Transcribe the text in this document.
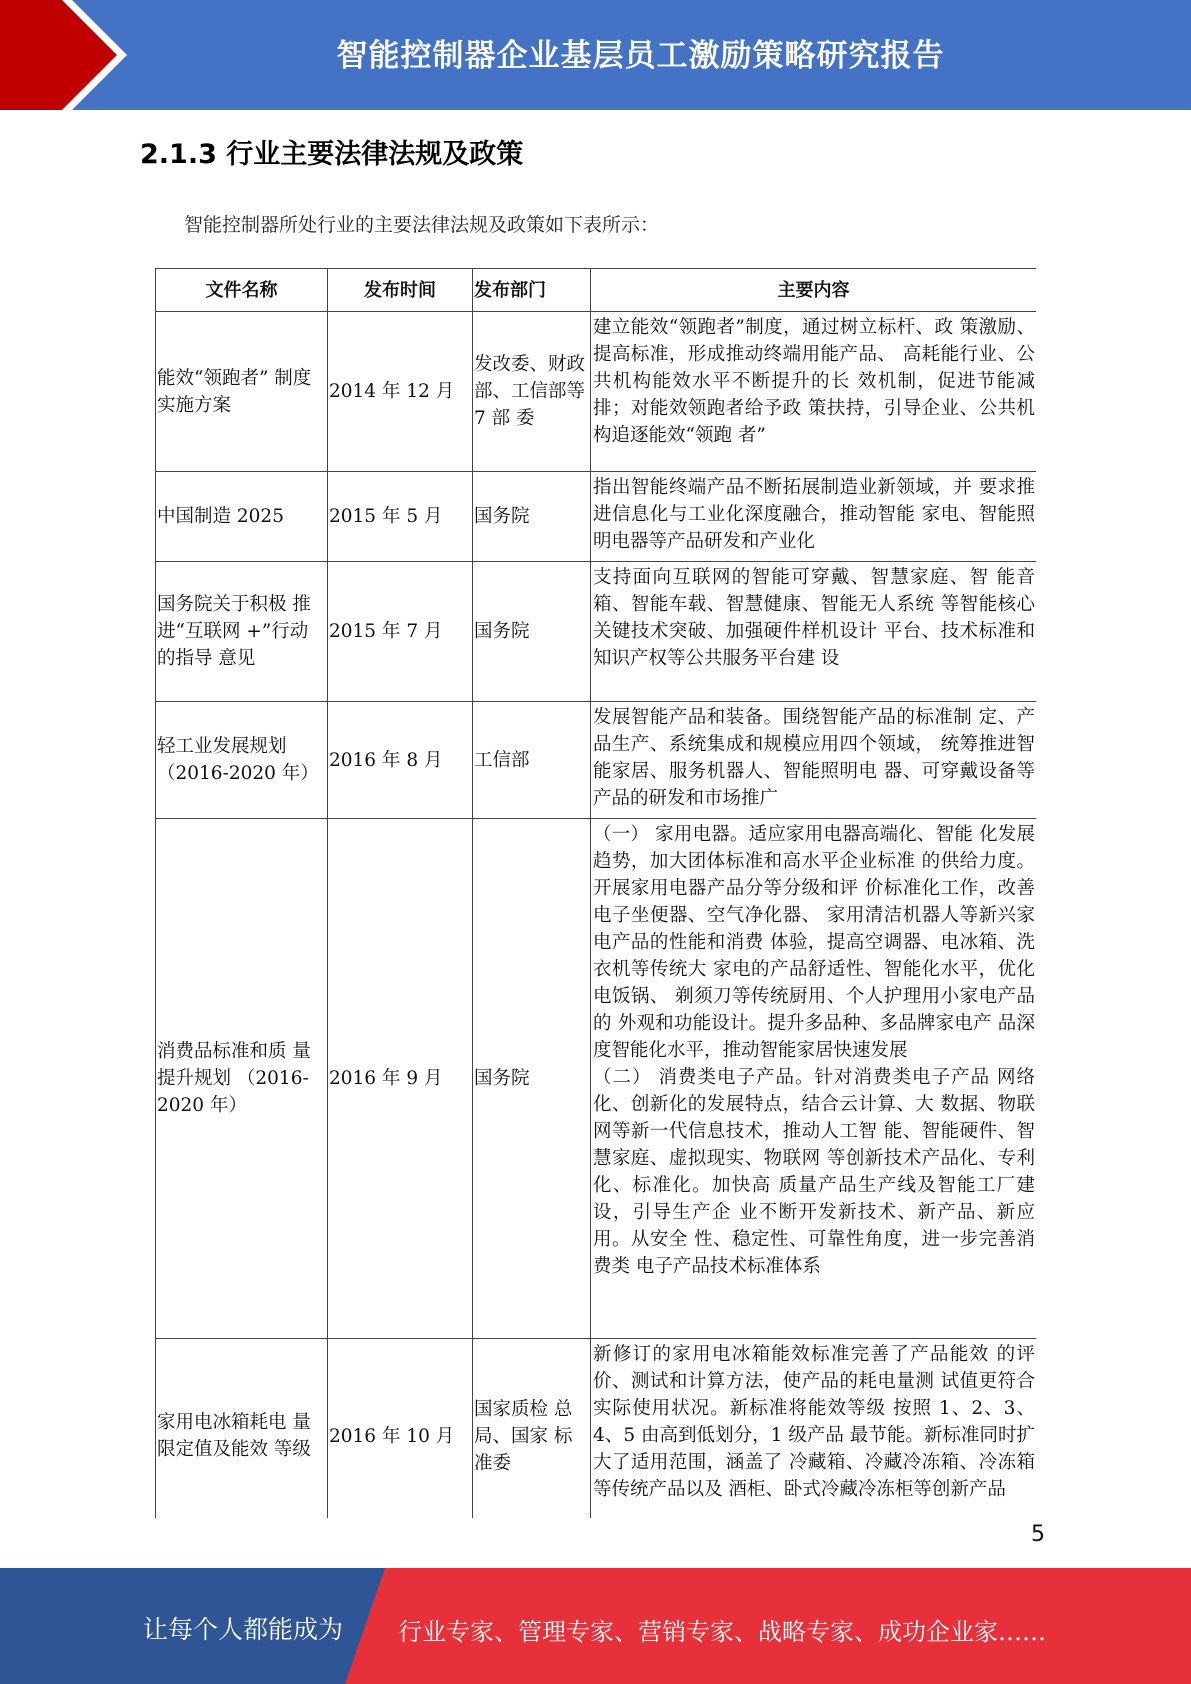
智能控制器企业基层员工激励策略研究报告
2.1.3 行业主要法律法规及政策
智能控制器所处行业的主要法律法规及政策如下表所示：
文件名称	发布时间	发布部门	主要内容
能效“领跑者” 制度实施方案	2014 年 12 月	发改委、财政部、工信部等 7 部 委	建立能效“领跑者”制度，通过树立标杆、政 策激励、提高标准，形成推动终端用能产品、 高耗能行业、公共机构能效水平不断提升的长 效机制，促进节能减排；对能效领跑者给予政 策扶持，引导企业、公共机构追逐能效“领跑 者”
中国制造 2025	2015 年 5 月	国务院	指出智能终端产品不断拓展制造业新领域，并 要求推进信息化与工业化深度融合，推动智能 家电、智能照明电器等产品研发和产业化
国务院关于积极 推进“互联网 +”行动的指导 意见	2015 年 7 月	国务院	支持面向互联网的智能可穿戴、智慧家庭、智 能音箱、智能车载、智慧健康、智能无人系统 等智能核心关键技术突破、加强硬件样机设计 平台、技术标准和知识产权等公共服务平台建 设
轻工业发展规划 （2016-2020 年）	2016 年 8 月	工信部	发展智能产品和装备。围绕智能产品的标准制 定、产品生产、系统集成和规模应用四个领域， 统筹推进智能家居、服务机器人、智能照明电 器、可穿戴设备等产品的研发和市场推广
消费品标准和质 量提升规划 （2016-2020 年）	2016 年 9 月	国务院	（一） 家用电器。适应家用电器高端化、智能 化发展趋势，加大团体标准和高水平企业标准 的供给力度。开展家用电器产品分等分级和评 价标准化工作，改善电子坐便器、空气净化器、 家用清洁机器人等新兴家电产品的性能和消费 体验，提高空调器、电冰箱、洗衣机等传统大 家电的产品舒适性、智能化水平，优化电饭锅、 剃须刀等传统厨用、个人护理用小家电产品的 外观和功能设计。提升多品种、多品牌家电产 品深度智能化水平，推动智能家居快速发展
（二） 消费类电子产品。针对消费类电子产品 网络化、创新化的发展特点，结合云计算、大 数据、物联网等新一代信息技术，推动人工智 能、智能硬件、智慧家庭、虚拟现实、物联网 等创新技术产品化、专利化、标准化。加快高 质量产品生产线及智能工厂建设，引导生产企 业不断开发新技术、新产品、新应用。从安全 性、稳定性、可靠性角度，进一步完善消费类 电子产品技术标准体系
家用电冰箱耗电 量限定值及能效 等级	2016 年 10 月	国家质检 总局、国家 标准委	新修订的家用电冰箱能效标准完善了产品能效 的评价、测试和计算方法，使产品的耗电量测 试值更符合实际使用状况。新标准将能效等级 按照 1、2、3、4、5 由高到低划分，1 级产品 最节能。新标准同时扩大了适用范围，涵盖了 冷藏箱、冷藏冷冻箱、冷冻箱等传统产品以及 酒柜、卧式冷藏冷冻柜等创新产品
5
让每个人都能成为 行业专家、管理专家、营销专家、战略专家、成功企业家……
